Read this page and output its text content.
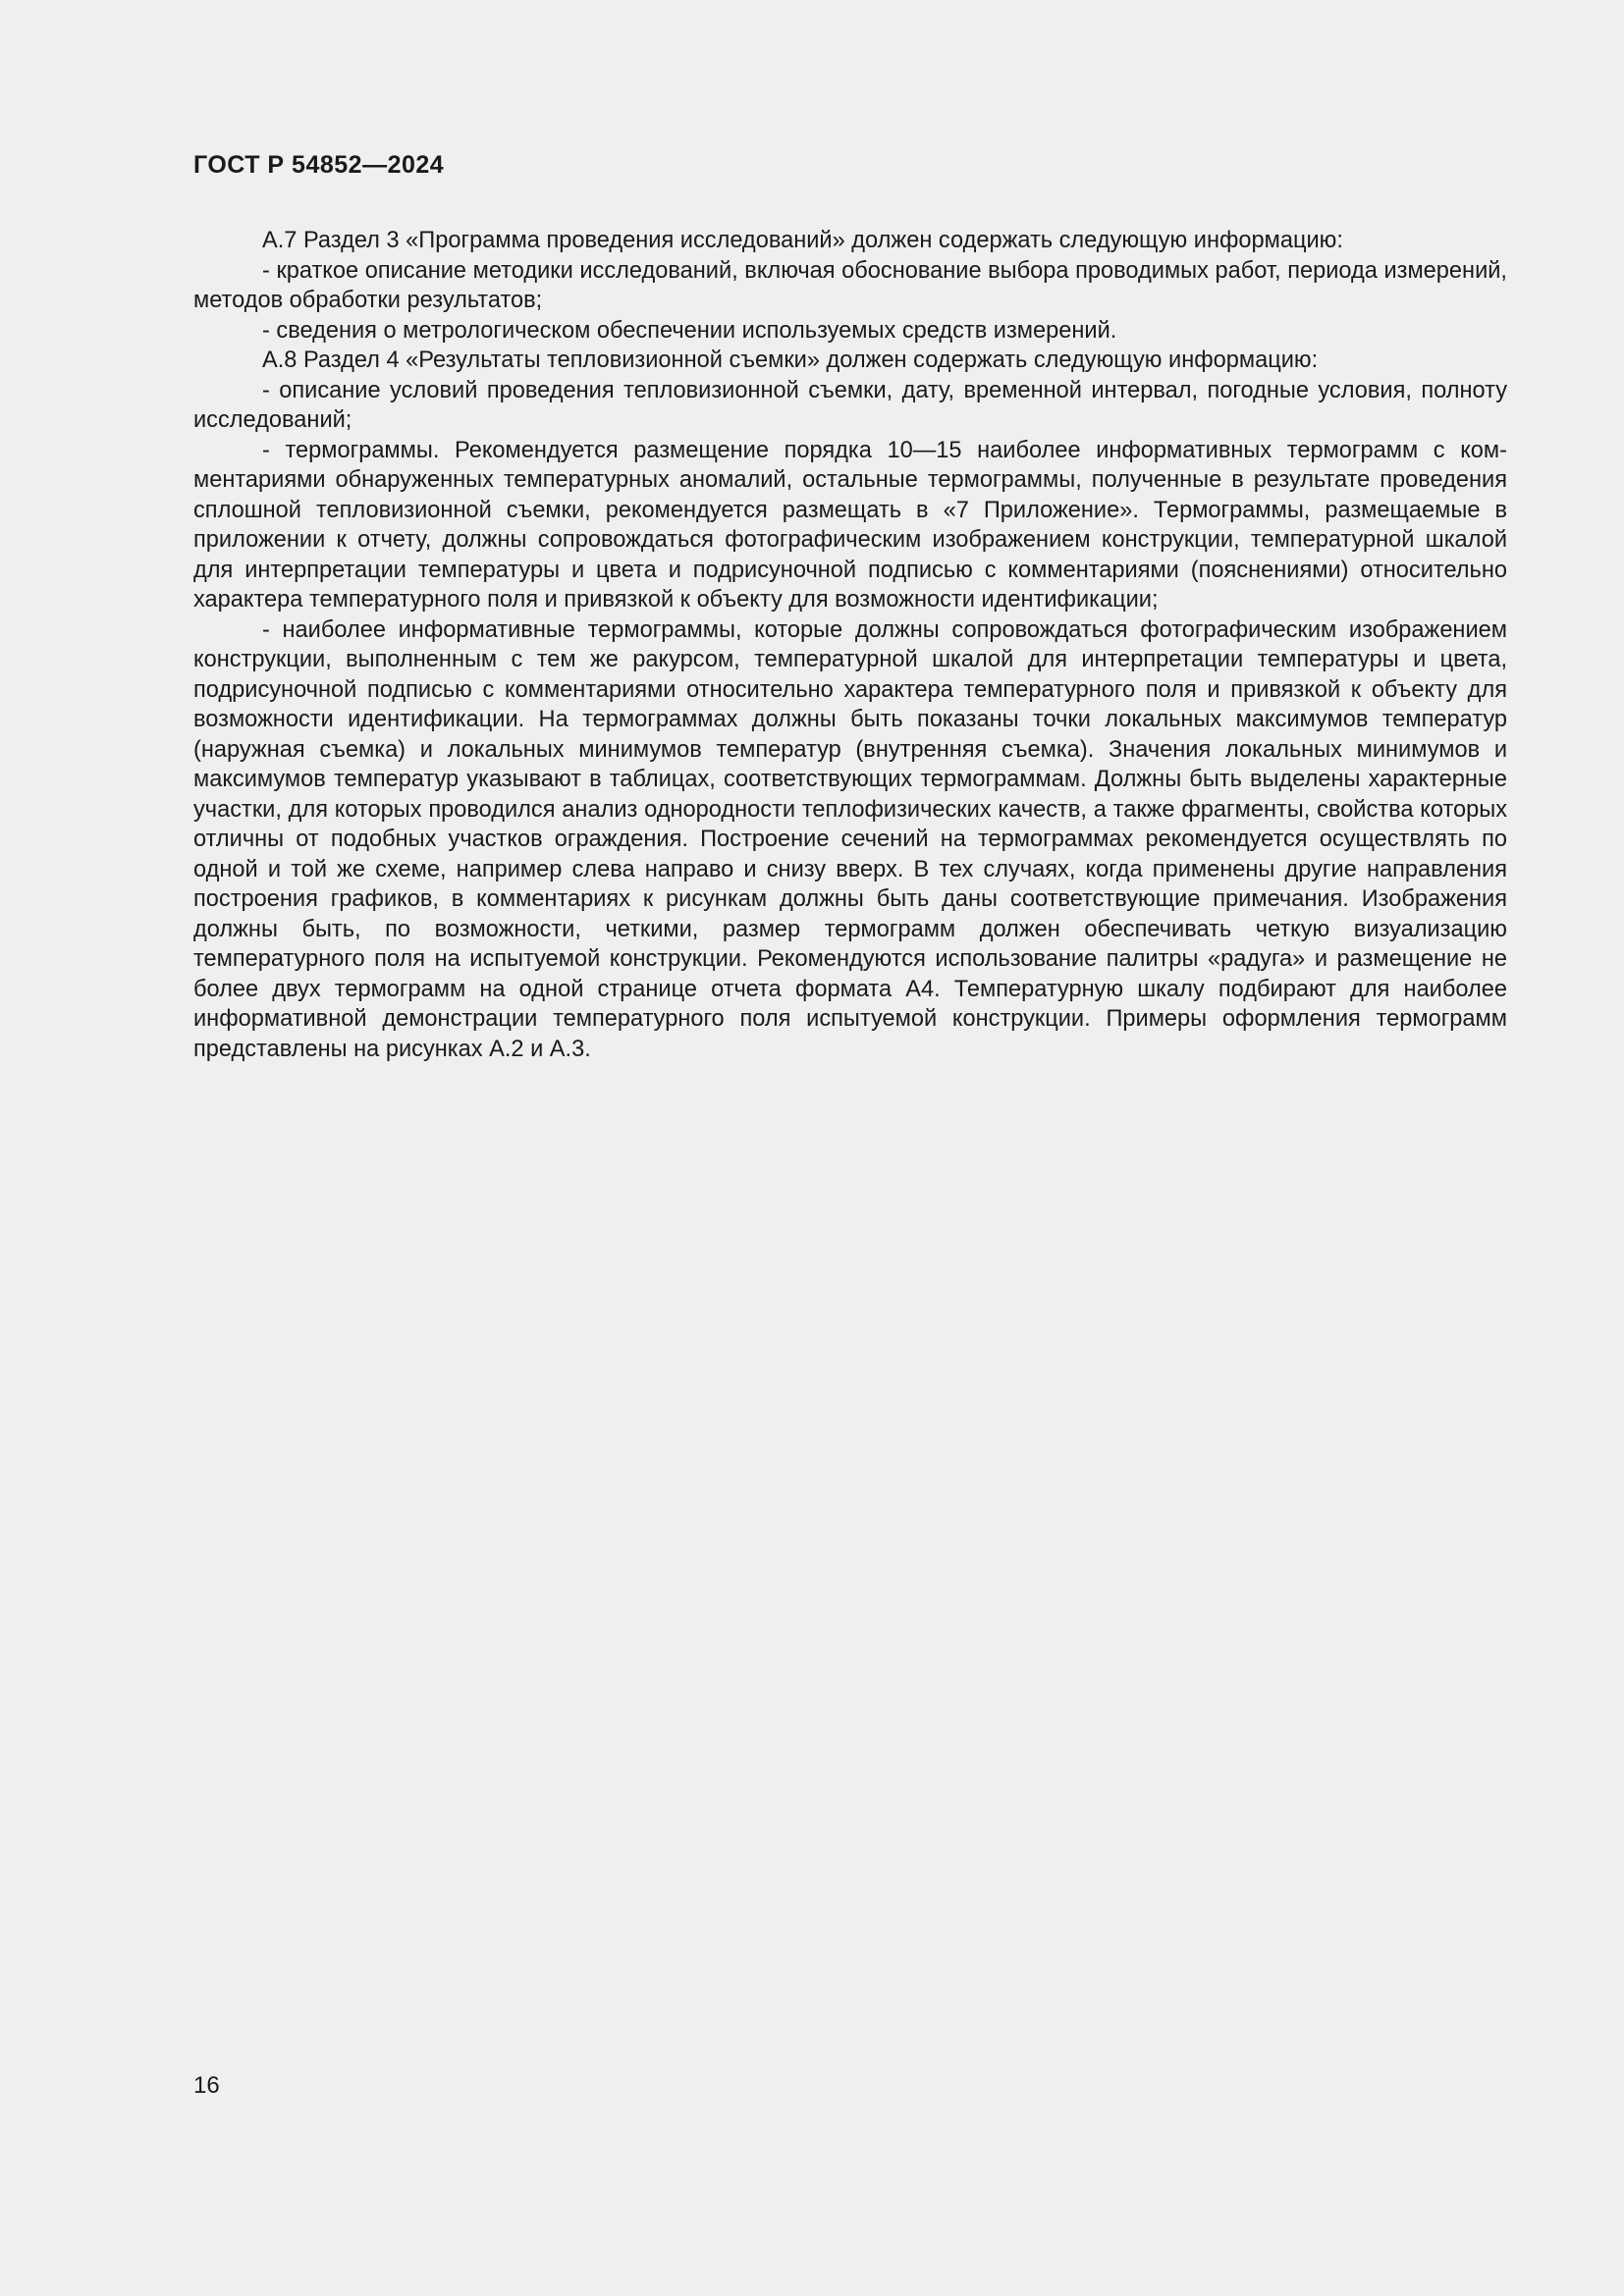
ГОСТ Р 54852—2024

А.7 Раздел 3 «Программа проведения исследований» должен содержать следующую информацию:

- краткое описание методики исследований, включая обоснование выбора проводимых работ, периода измерений, методов обработки результатов;

- сведения о метрологическом обеспечении используемых средств измерений.

А.8 Раздел 4 «Результаты тепловизионной съемки» должен содержать следующую информацию:

- описание условий проведения тепловизионной съемки, дату, временной интервал, погодные условия, полноту исследований;

- термограммы. Рекомендуется размещение порядка 10—15 наиболее информативных термограмм с комментариями обнаруженных температурных аномалий, остальные термограммы, полученные в результате проведения сплошной тепловизионной съемки, рекомендуется размещать в «7 Приложение». Термограммы, размещаемые в приложении к отчету, должны сопровождаться фотографическим изображением конструкции, температурной шкалой для интерпретации температуры и цвета и подрисуночной подписью с комментариями (пояснениями) относительно характера температурного поля и привязкой к объекту для возможности идентификации;

- наиболее информативные термограммы, которые должны сопровождаться фотографическим изображением конструкции, выполненным с тем же ракурсом, температурной шкалой для интерпретации температуры и цвета, подрисуночной подписью с комментариями относительно характера температурного поля и привязкой к объекту для возможности идентификации. На термограммах должны быть показаны точки локальных максимумов температур (наружная съемка) и локальных минимумов температур (внутренняя съемка). Значения локальных минимумов и максимумов температур указывают в таблицах, соответствующих термограммам. Должны быть выделены характерные участки, для которых проводился анализ однородности теплофизических качеств, а также фрагменты, свойства которых отличны от подобных участков ограждения. Построение сечений на термограммах рекомендуется осуществлять по одной и той же схеме, например слева направо и снизу вверх. В тех случаях, когда применены другие направления построения графиков, в комментариях к рисункам должны быть даны соответствующие примечания. Изображения должны быть, по возможности, четкими, размер термограмм должен обеспечивать четкую визуализацию температурного поля на испытуемой конструкции. Рекомендуются использование палитры «радуга» и размещение не более двух термограмм на одной странице отчета формата А4. Температурную шкалу подбирают для наиболее информативной демонстрации температурного поля испытуемой конструкции. Примеры оформления термограмм представлены на рисунках А.2 и А.3.

16
